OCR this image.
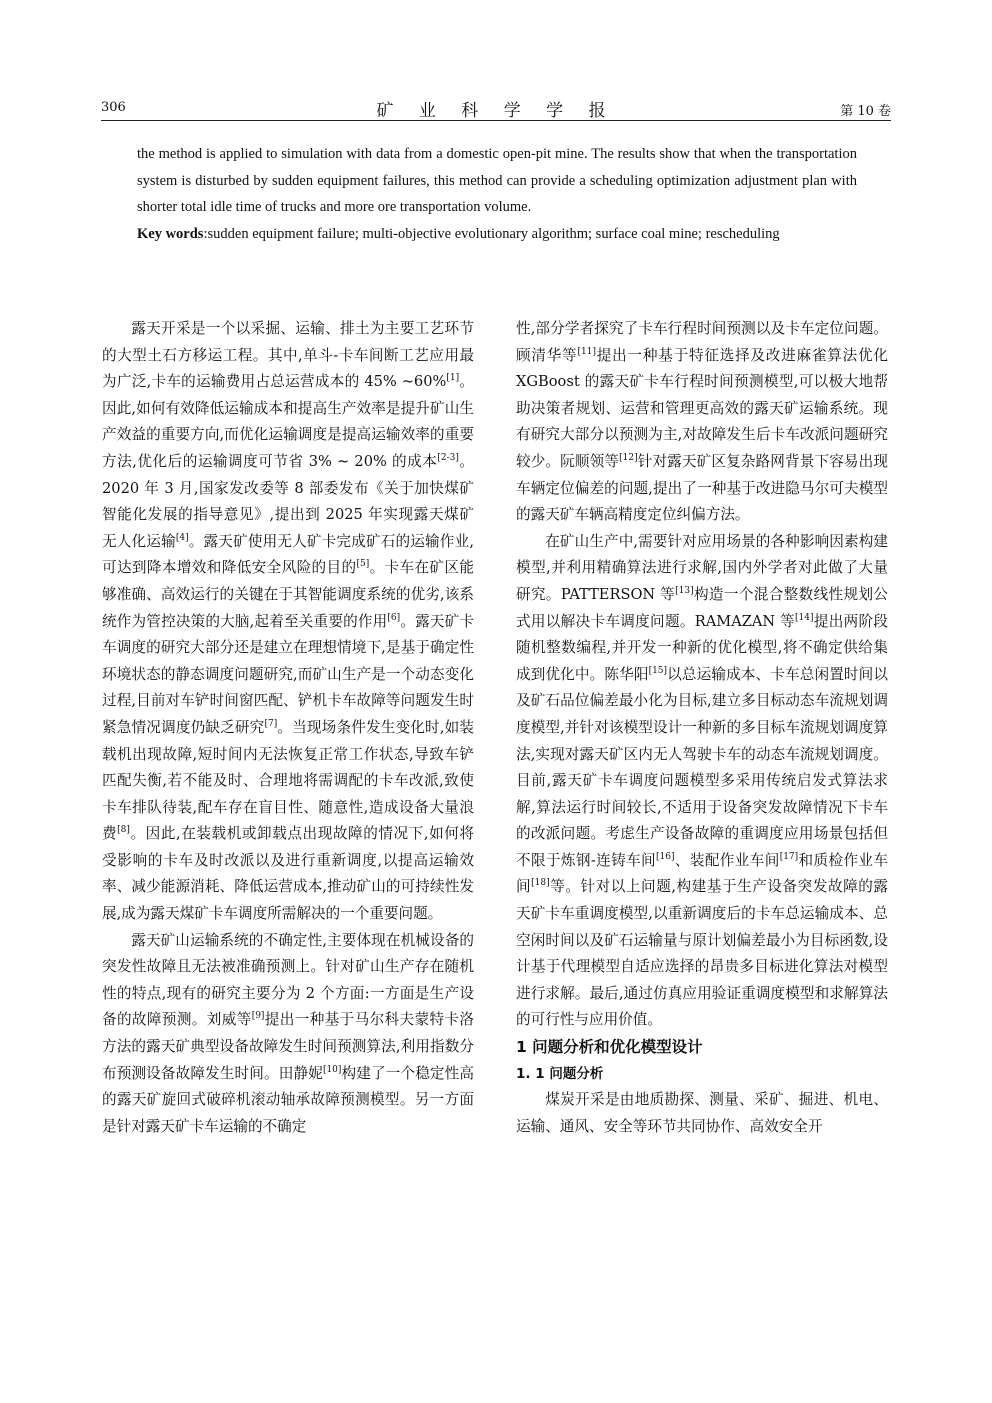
306	矿 业 科 学 学 报	第 10 卷

the method is applied to simulation with data from a domestic open-pit mine. The results show that when the transportation system is disturbed by sudden equipment failures, this method can provide a scheduling optimization adjustment plan with shorter total idle time of trucks and more ore transportation volume.

Key words:sudden equipment failure; multi-objective evolutionary algorithm; surface coal mine; rescheduling

露天开采是一个以采掘、运输、排土为主要工艺环节的大型土石方移运工程。其中,单斗-卡车间断工艺应用最为广泛,卡车的运输费用占总运营成本的 45% ~60%[1]。因此,如何有效降低运输成本和提高生产效率是提升矿山生产效益的重要方向,而优化运输调度是提高运输效率的重要方法,优化后的运输调度可节省 3% ~ 20% 的成本[2-3]。2020 年 3 月,国家发改委等 8 部委发布《关于加快煤矿智能化发展的指导意见》,提出到 2025 年实现露天煤矿无人化运输[4]。露天矿使用无人矿卡完成矿石的运输作业,可达到降本增效和降低安全风险的目的[5]。卡车在矿区能够准确、高效运行的关键在于其智能调度系统的优劣,该系统作为管控决策的大脑,起着至关重要的作用[6]。露天矿卡车调度的研究大部分还是建立在理想情境下,是基于确定性环境状态的静态调度问题研究,而矿山生产是一个动态变化过程,目前对车铲时间窗匹配、铲机卡车故障等问题发生时紧急情况调度仍缺乏研究[7]。当现场条件发生变化时,如装载机出现故障,短时间内无法恢复正常工作状态,导致车铲匹配失衡,若不能及时、合理地将需调配的卡车改派,致使卡车排队待装,配车存在盲目性、随意性,造成设备大量浪费[8]。因此,在装载机或卸载点出现故障的情况下,如何将受影响的卡车及时改派以及进行重新调度,以提高运输效率、减少能源消耗、降低运营成本,推动矿山的可持续性发展,成为露天煤矿卡车调度所需解决的一个重要问题。

露天矿山运输系统的不确定性,主要体现在机械设备的突发性故障且无法被准确预测上。针对矿山生产存在随机性的特点,现有的研究主要分为 2 个方面:一方面是生产设备的故障预测。刘威等[9]提出一种基于马尔科夫蒙特卡洛方法的露天矿典型设备故障发生时间预测算法,利用指数分布预测设备故障发生时间。田静妮[10]构建了一个稳定性高的露天矿旋回式破碎机滚动轴承故障预测模型。另一方面是针对露天矿卡车运输的不确定

性,部分学者探究了卡车行程时间预测以及卡车定位问题。顾清华等[11]提出一种基于特征选择及改进麻雀算法优化 XGBoost 的露天矿卡车行程时间预测模型,可以极大地帮助决策者规划、运营和管理更高效的露天矿运输系统。现有研究大部分以预测为主,对故障发生后卡车改派问题研究较少。阮顺领等[12]针对露天矿区复杂路网背景下容易出现车辆定位偏差的问题,提出了一种基于改进隐马尔可夫模型的露天矿车辆高精度定位纠偏方法。

在矿山生产中,需要针对应用场景的各种影响因素构建模型,并利用精确算法进行求解,国内外学者对此做了大量研究。PATTERSON 等[13]构造一个混合整数线性规划公式用以解决卡车调度问题。RAMAZAN 等[14]提出两阶段随机整数编程,并开发一种新的优化模型,将不确定供给集成到优化中。陈华阳[15]以总运输成本、卡车总闲置时间以及矿石品位偏差最小化为目标,建立多目标动态车流规划调度模型,并针对该模型设计一种新的多目标车流规划调度算法,实现对露天矿区内无人驾驶卡车的动态车流规划调度。目前,露天矿卡车调度问题模型多采用传统启发式算法求解,算法运行时间较长,不适用于设备突发故障情况下卡车的改派问题。考虑生产设备故障的重调度应用场景包括但不限于炼钢-连铸车间[16]、装配作业车间[17]和质检作业车间[18]等。针对以上问题,构建基于生产设备突发故障的露天矿卡车重调度模型,以重新调度后的卡车总运输成本、总空闲时间以及矿石运输量与原计划偏差最小为目标函数,设计基于代理模型自适应选择的昂贵多目标进化算法对模型进行求解。最后,通过仿真应用验证重调度模型和求解算法的可行性与应用价值。

1 问题分析和优化模型设计

1. 1 问题分析

煤炭开采是由地质勘探、测量、采矿、掘进、机电、运输、通风、安全等环节共同协作、高效安全开
